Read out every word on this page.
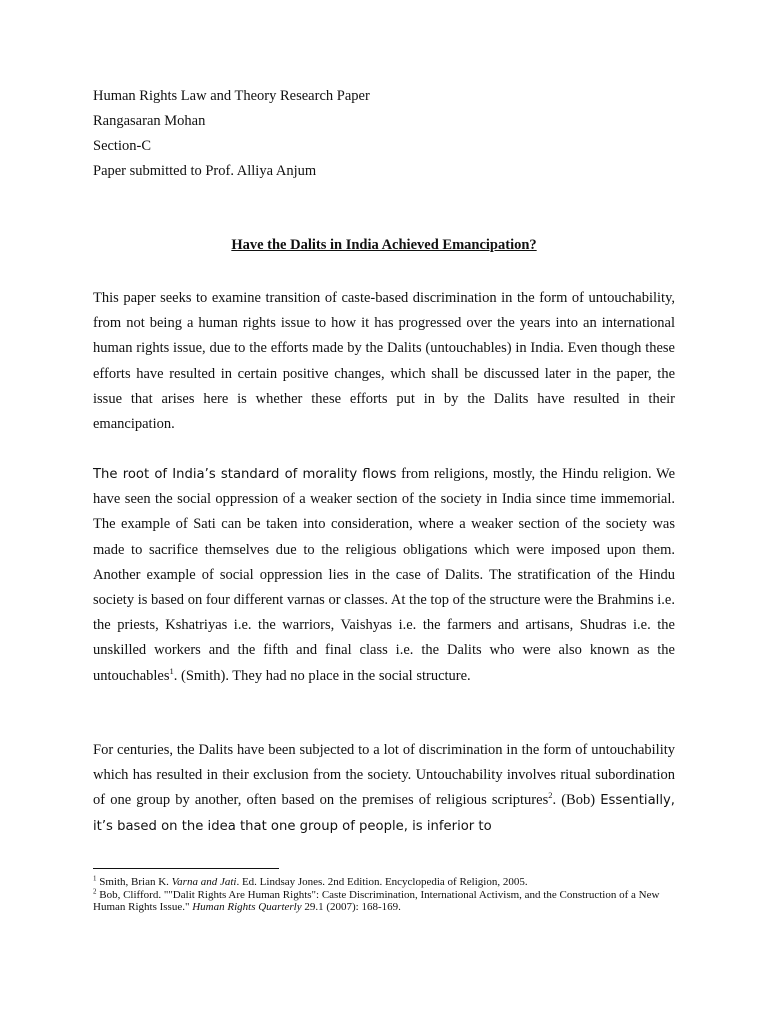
Human Rights Law and Theory Research Paper
Rangasaran Mohan
Section-C
Paper submitted to Prof. Alliya Anjum
Have the Dalits in India Achieved Emancipation?

This paper seeks to examine transition of caste-based discrimination in the form of untouchability, from not being a human rights issue to how it has progressed over the years into an international human rights issue, due to the efforts made by the Dalits (untouchables) in India. Even though these efforts have resulted in certain positive changes, which shall be discussed later in the paper, the issue that arises here is whether these efforts put in by the Dalits have resulted in their emancipation.

The root of India’s standard of morality flows from religions, mostly, the Hindu religion. We have seen the social oppression of a weaker section of the society in India since time immemorial. The example of Sati can be taken into consideration, where a weaker section of the society was made to sacrifice themselves due to the religious obligations which were imposed upon them. Another example of social oppression lies in the case of Dalits. The stratification of the Hindu society is based on four different varnas or classes. At the top of the structure were the Brahmins i.e. the priests, Kshatriyas i.e. the warriors, Vaishyas i.e. the farmers and artisans, Shudras i.e. the unskilled workers and the fifth and final class i.e. the Dalits who were also known as the untouchables$^1$. (Smith). They had no place in the social structure.

For centuries, the Dalits have been subjected to a lot of discrimination in the form of untouchability which has resulted in their exclusion from the society. Untouchability involves ritual subordination of one group by another, often based on the premises of religious scriptures$^2$. (Bob) Essentially, it’s based on the idea that one group of people, is inferior to

$^1$ Smith, Brian K. Varna and Jati. Ed. Lindsay Jones. 2nd Edition. Encyclopedia of Religion, 2005.

$^2$ Bob, Clifford. ""Dalit Rights Are Human Rights": Caste Discrimination, International Activism, and the Construction of a New Human Rights Issue." Human Rights Quarterly 29.1 (2007): 168-169.
